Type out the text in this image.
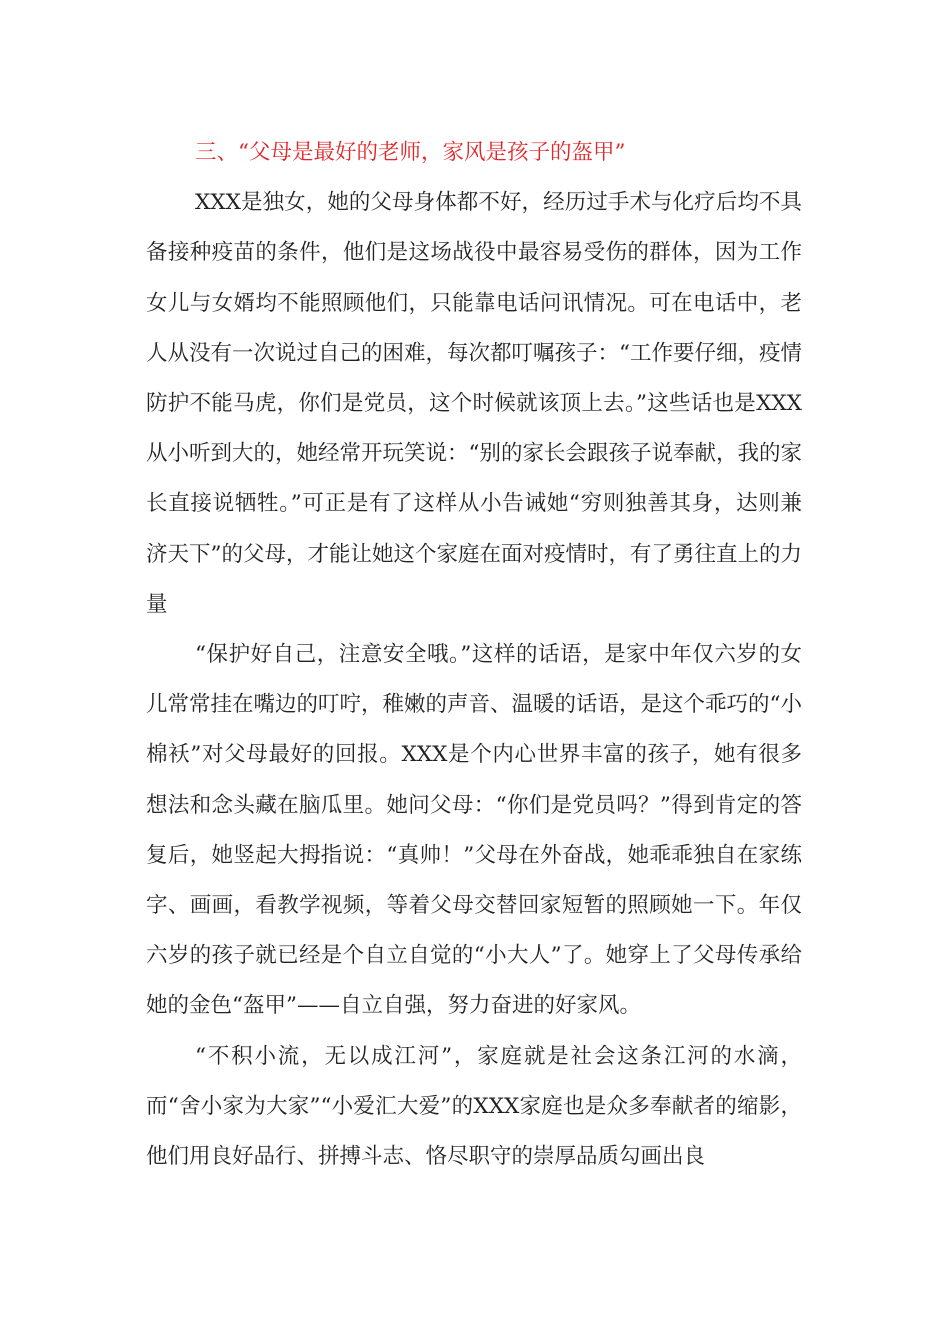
三、“父母是最好的老师，家风是孩子的盔甲”

XXX是独女，她的父母身体都不好，经历过手术与化疗后均不具备接种疫苗的条件，他们是这场战役中最容易受伤的群体，因为工作女儿与女婿均不能照顾他们，只能靠电话问讯情况。可在电话中，老人从没有一次说过自己的困难，每次都叮嘱孩子：“工作要仔细，疫情防护不能马虎，你们是党员，这个时候就该顶上去。”这些话也是XXX从小听到大的，她经常开玩笑说：“别的家长会跟孩子说奉献，我的家长直接说牺牲。”可正是有了这样从小告诫她“穷则独善其身，达则兼济天下”的父母，才能让她这个家庭在面对疫情时，有了勇往直上的力量

“保护好自己，注意安全哦。”这样的话语，是家中年仅六岁的女儿常常挂在嘴边的叮咛，稚嫩的声音、温暖的话语，是这个乖巧的“小棉袄”对父母最好的回报。XXX是个内心世界丰富的孩子，她有很多想法和念头藏在脑瓜里。她问父母：“你们是党员吗？”得到肯定的答复后，她竖起大拇指说：“真帅！”父母在外奋战，她乖乖独自在家练字、画画，看教学视频，等着父母交替回家短暂的照顾她一下。年仅六岁的孩子就已经是个自立自觉的“小大人”了。她穿上了父母传承给她的金色“盔甲”——自立自强，努力奋进的好家风。

“不积小流，无以成江河”，家庭就是社会这条江河的水滴，而“舍小家为大家”“小爱汇大爱”的XXX家庭也是众多奉献者的缩影，他们用良好品行、拼搏斗志、恪尽职守的崇厚品质勾画出良
